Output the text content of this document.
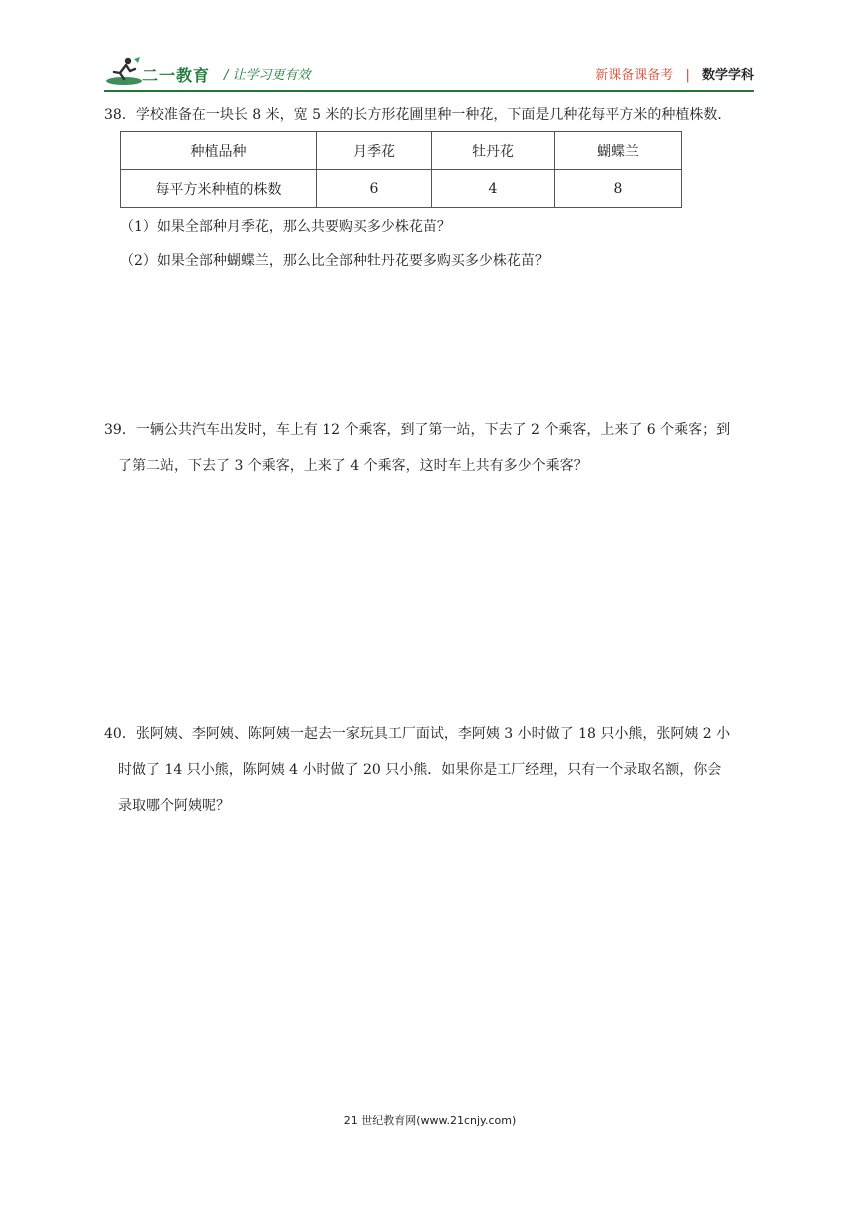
二一教育 / 让学习更有效	新课备课备考 | 数学学科
38．学校准备在一块长 8 米，宽 5 米的长方形花圃里种一种花，下面是几种花每平方米的种植株数．
种植品种	月季花	牡丹花	蝴蝶兰
每平方米种植的株数	6	4	8
（1）如果全部种月季花，那么共要购买多少株花苗？
（2）如果全部种蝴蝶兰，那么比全部种牡丹花要多购买多少株花苗？
39．一辆公共汽车出发时，车上有 12 个乘客，到了第一站，下去了 2 个乘客，上来了 6 个乘客；到
了第二站，下去了 3 个乘客，上来了 4 个乘客，这时车上共有多少个乘客？
40．张阿姨、李阿姨、陈阿姨一起去一家玩具工厂面试，李阿姨 3 小时做了 18 只小熊，张阿姨 2 小
时做了 14 只小熊，陈阿姨 4 小时做了 20 只小熊．如果你是工厂经理，只有一个录取名额，你会
录取哪个阿姨呢？
21 世纪教育网(www.21cnjy.com)
